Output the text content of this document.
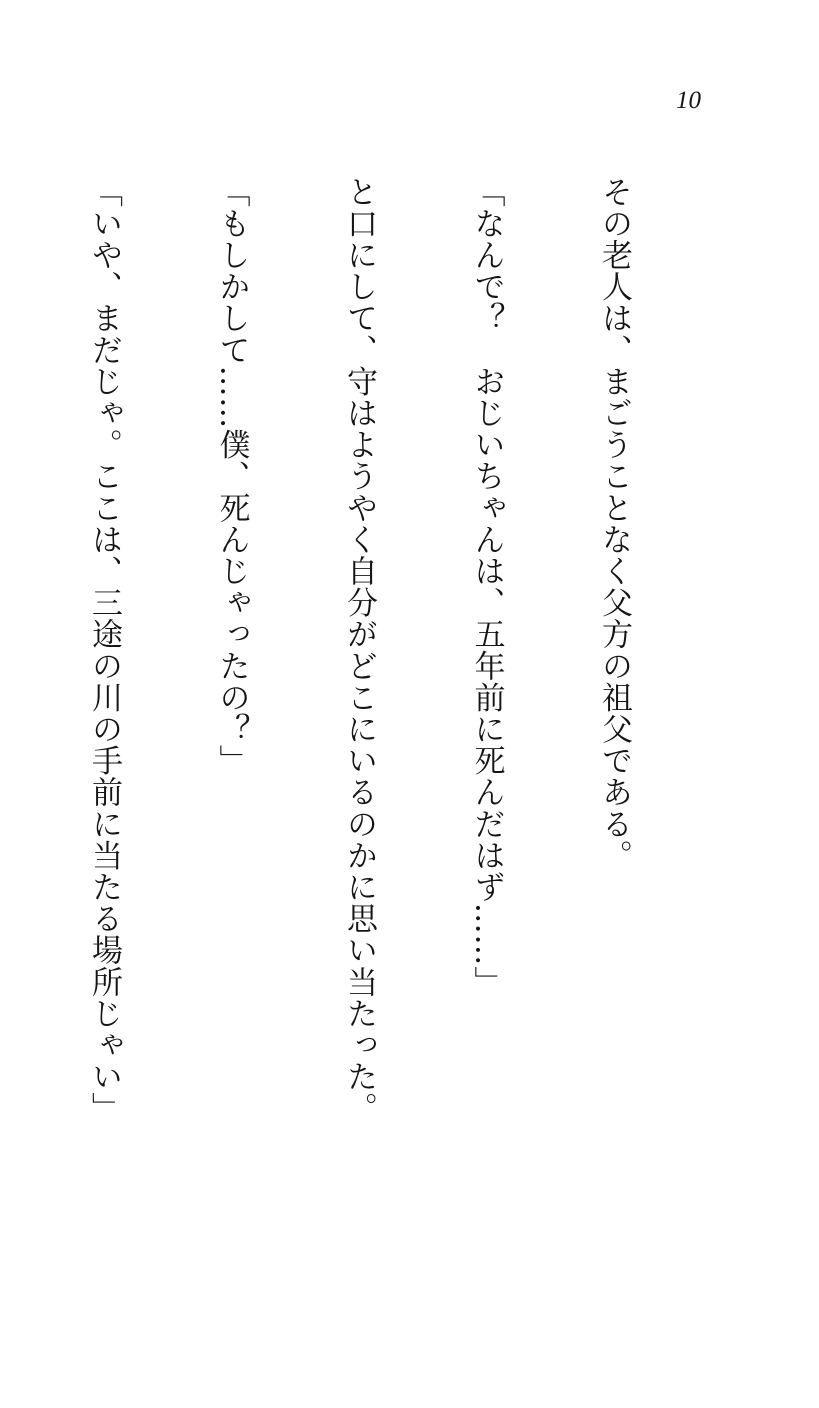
10

その老人は、まごうことなく父方の祖父である。

「なんで？　おじいちゃんは、五年前に死んだはず……」

と口にして、守はようやく自分がどこにいるのかに思い当たった。

「もしかして……僕、死んじゃったの？」

「いや、まだじゃ。ここは、三途の川の手前に当たる場所じゃい」
